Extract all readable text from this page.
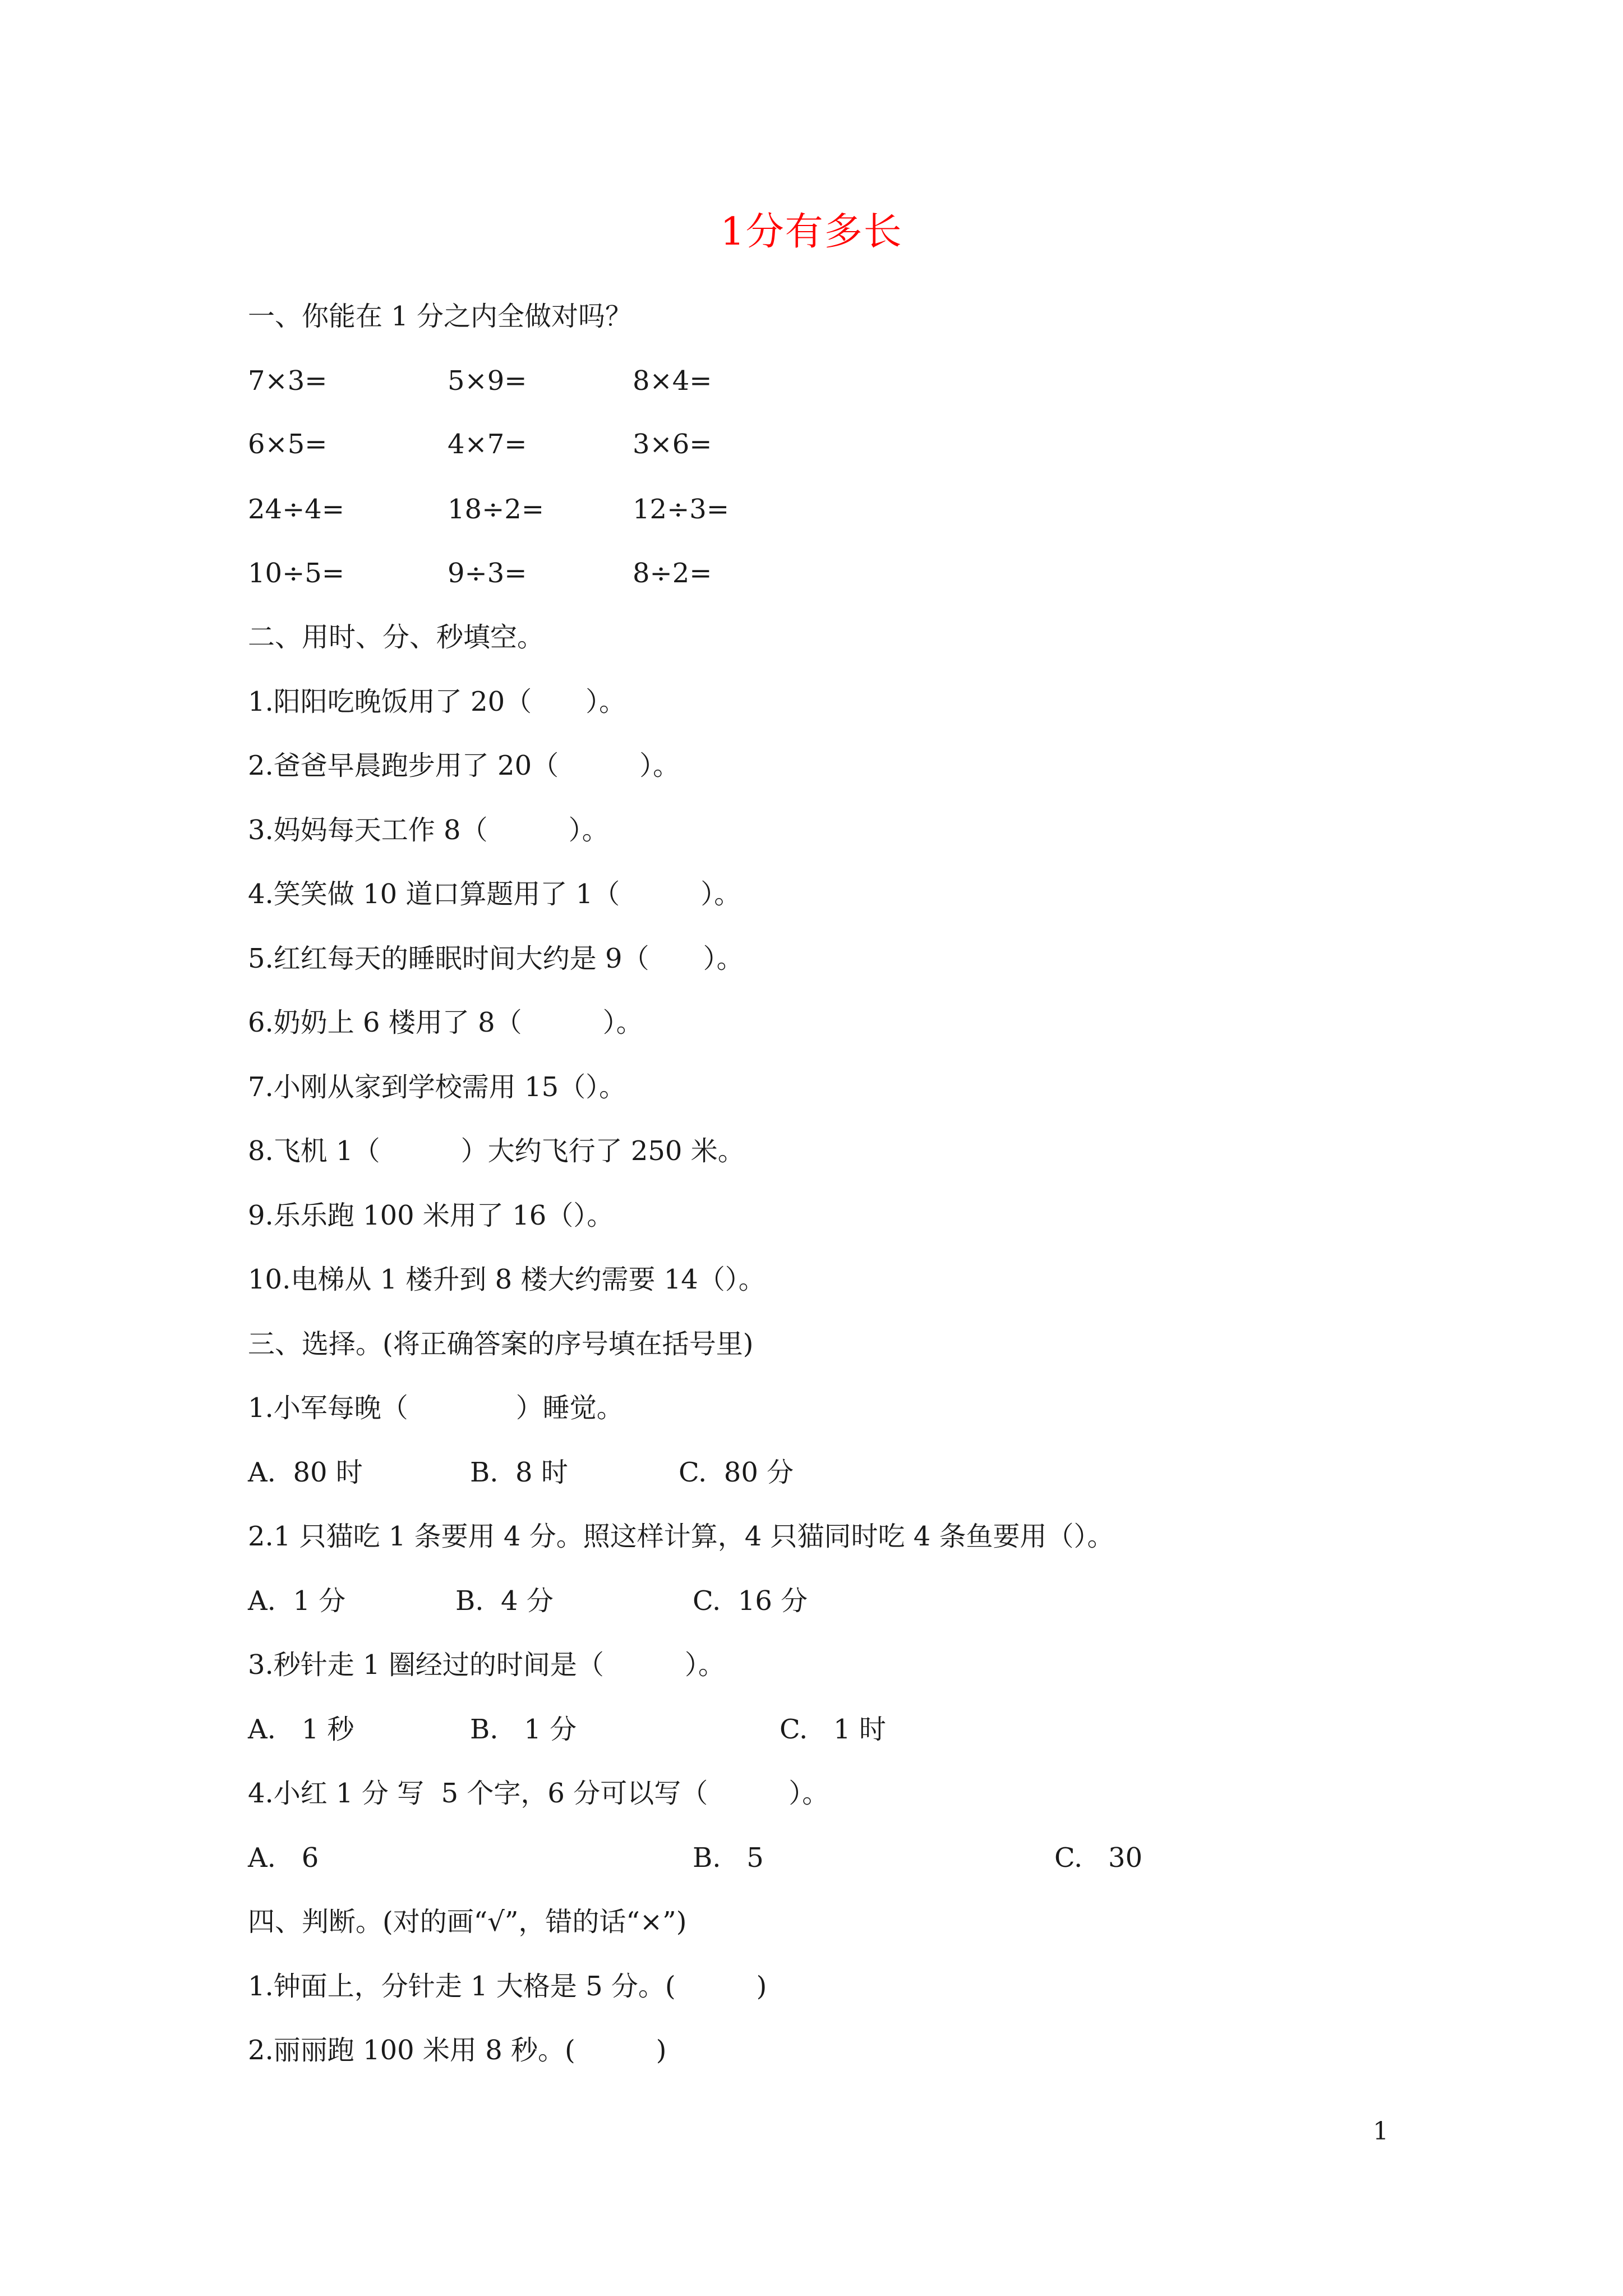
1分有多长
一、你能在 1 分之内全做对吗？
7×3=	5×9=	8×4=
6×5=	4×7=	3×6=
24÷4=	18÷2=	12÷3=
10÷5=	9÷3=	8÷2=
二、用时、分、秒填空。
1.阳阳吃晚饭用了 20（　　）。
2.爸爸早晨跑步用了 20（　　　）。
3.妈妈每天工作 8（　　　）。
4.笑笑做 10 道口算题用了 1（　　　）。
5.红红每天的睡眠时间大约是 9（　　）。
6.奶奶上 6 楼用了 8（　　　）。
7.小刚从家到学校需用 15（）。
8.飞机 1（　　　）大约飞行了 250 米。
9.乐乐跑 100 米用了 16（）。
10.电梯从 1 楼升到 8 楼大约需要 14（）。
三、选择。(将正确答案的序号填在括号里)
1.小军每晚（　　　　）睡觉。
A.  80 时	B.  8 时	C.  80 分
2.1 只猫吃 1 条要用 4 分。照这样计算，4 只猫同时吃 4 条鱼要用（）。
A.  1 分	B.  4 分	C.  16 分
3.秒针走 1 圈经过的时间是（　　　）。
A.   1 秒	B.   1 分	C.   1 时
4.小红 1 分 写  5 个字，6 分可以写（　　　）。
A.   6	B.   5	C.   30
四、判断。(对的画“√”，错的话“×”)
1.钟面上，分针走 1 大格是 5 分。(　　　)
2.丽丽跑 100 米用 8 秒。(　　　)
1
